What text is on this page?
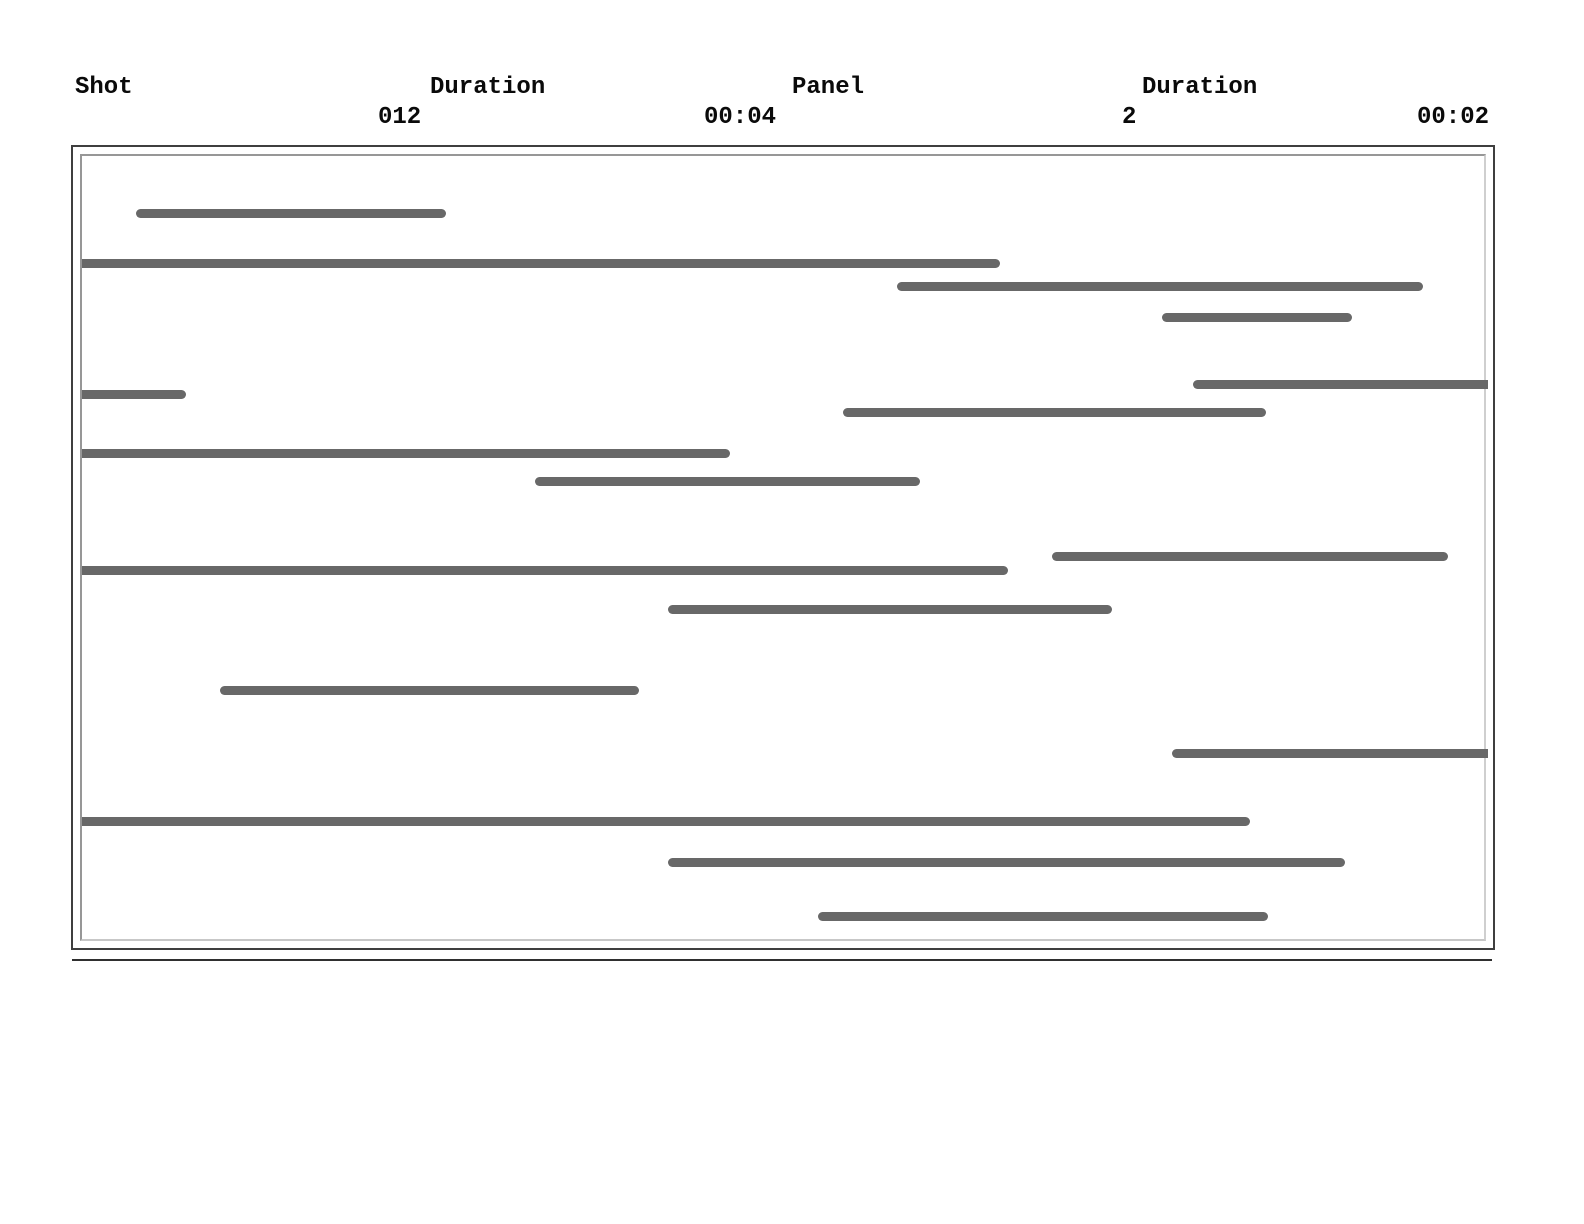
Shot	Duration	Panel	Duration
012	00:04	2	00:02
